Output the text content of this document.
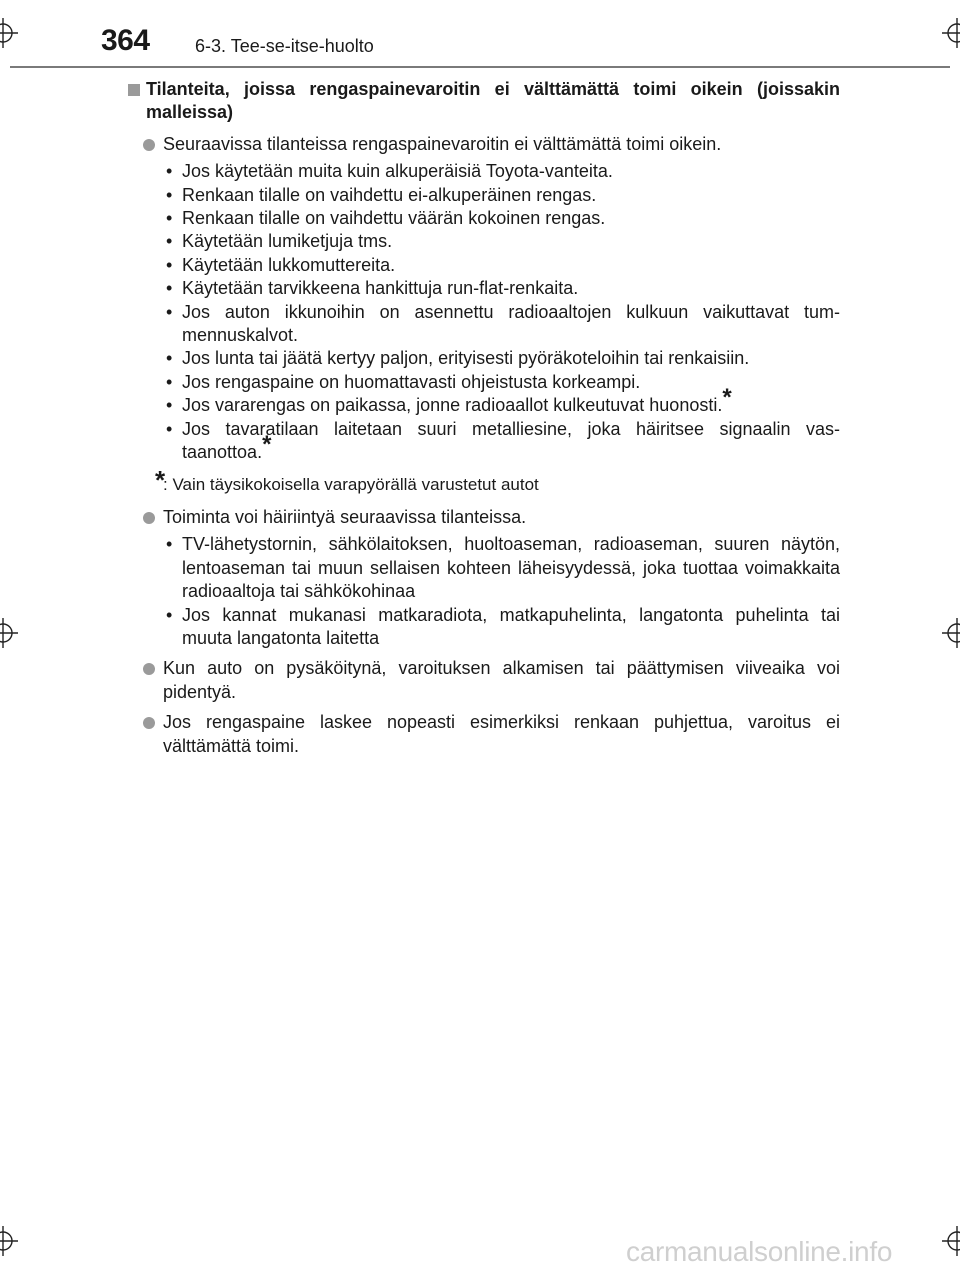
364	6-3. Tee-se-itse-huolto
Tilanteita, joissa rengaspainevaroitin ei välttämättä toimi oikein (joissakin malleissa)
Seuraavissa tilanteissa rengaspainevaroitin ei välttämättä toimi oikein.
• Jos käytetään muita kuin alkuperäisiä Toyota-vanteita.
• Renkaan tilalle on vaihdettu ei-alkuperäinen rengas.
• Renkaan tilalle on vaihdettu väärän kokoinen rengas.
• Käytetään lumiketjuja tms.
• Käytetään lukkomuttereita.
• Käytetään tarvikkeena hankittuja run-flat-renkaita.
• Jos auton ikkunoihin on asennettu radioaaltojen kulkuun vaikuttavat tum-mennuskalvot.
• Jos lunta tai jäätä kertyy paljon, erityisesti pyöräkoteloihin tai renkaisiin.
• Jos rengaspaine on huomattavasti ohjeistusta korkeampi.
• Jos vararengas on paikassa, jonne radioaallot kulkeutuvat huonosti.*
• Jos tavaratilaan laitetaan suuri metalliesine, joka häiritsee signaalin vas-taanottoa.*
*
: Vain täysikokoisella varapyörällä varustetut autot
Toiminta voi häiriintyä seuraavissa tilanteissa.
• TV-lähetystornin, sähkölaitoksen, huoltoaseman, radioaseman, suuren näytön, lentoaseman tai muun sellaisen kohteen läheisyydessä, joka tuottaa voimakkaita radioaaltoja tai sähkökohinaa
• Jos kannat mukanasi matkaradiota, matkapuhelinta, langatonta puhelinta tai muuta langatonta laitetta
Kun auto on pysäköitynä, varoituksen alkamisen tai päättymisen viiveaika voi pidentyä.
Jos rengaspaine laskee nopeasti esimerkiksi renkaan puhjettua, varoitus ei välttämättä toimi.
carmanualsonline.info
